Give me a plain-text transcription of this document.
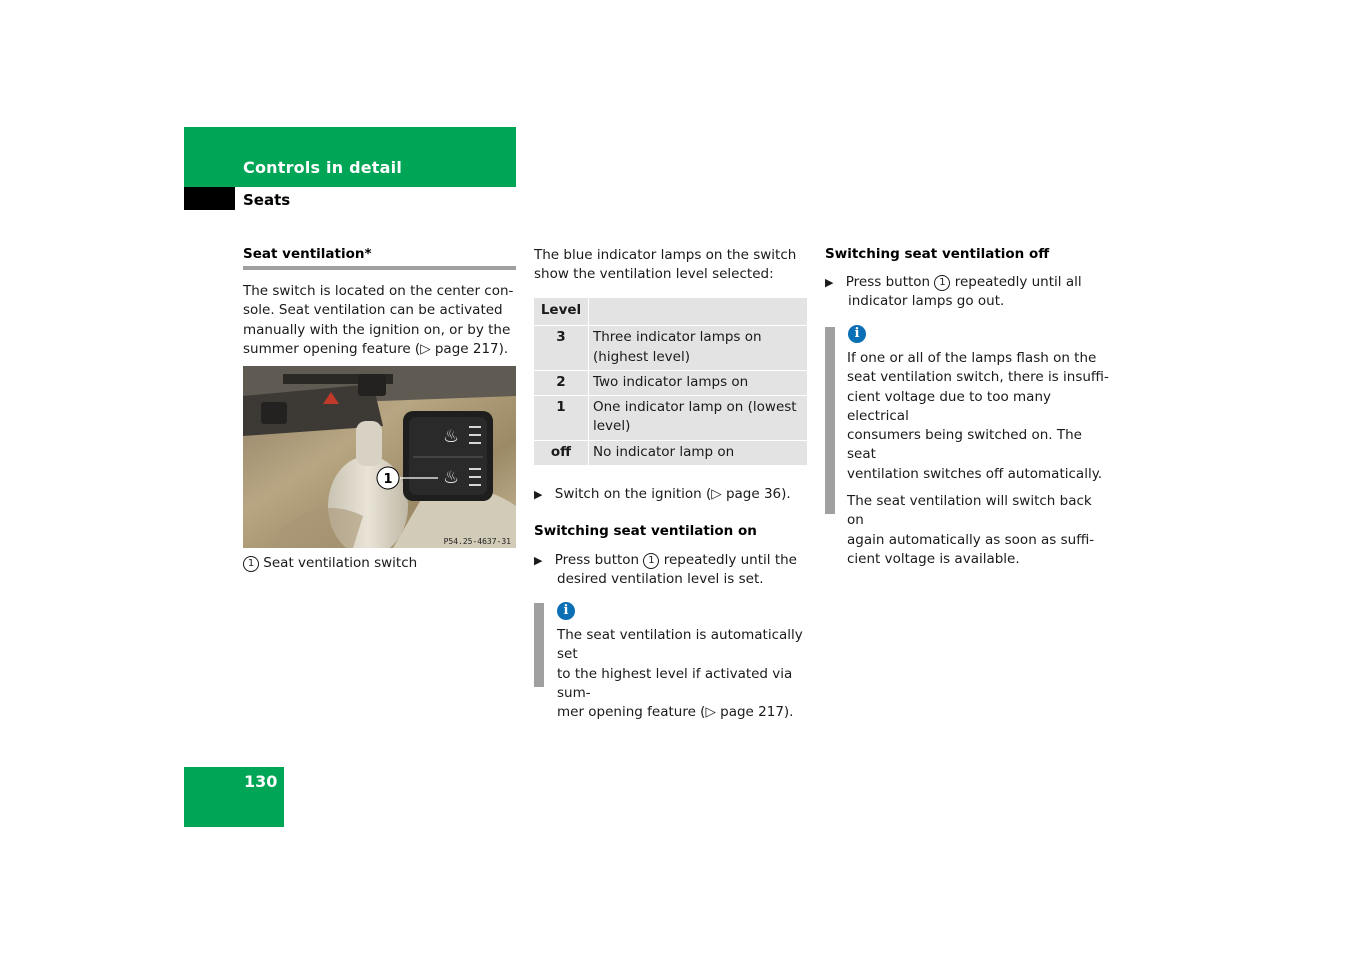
Controls in detail
Seats
Seat ventilation*
The switch is located on the center con-
sole. Seat ventilation can be activated
manually with the ignition on, or by the
summer opening feature (▷ page 217).
♨
♨
1
P54.25-4637-31
1 Seat ventilation switch
The blue indicator lamps on the switch
show the ventilation level selected:
Level	
3	Three indicator lamps on
(highest level)

2	Two indicator lamps on

1	One indicator lamp on (lowest
level)

off	No indicator lamp on
▶ Switch on the ignition (▷ page 36).
Switching seat ventilation on
▶ Press button 1 repeatedly until the
desired ventilation level is set.
i
The seat ventilation is automatically set
to the highest level if activated via sum-
mer opening feature (▷ page 217).
Switching seat ventilation off
▶ Press button 1 repeatedly until all
indicator lamps go out.
i
If one or all of the lamps flash on the
seat ventilation switch, there is insuffi-
cient voltage due to too many electrical
consumers being switched on. The seat
ventilation switches off automatically.
The seat ventilation will switch back on
again automatically as soon as suffi-
cient voltage is available.
130
